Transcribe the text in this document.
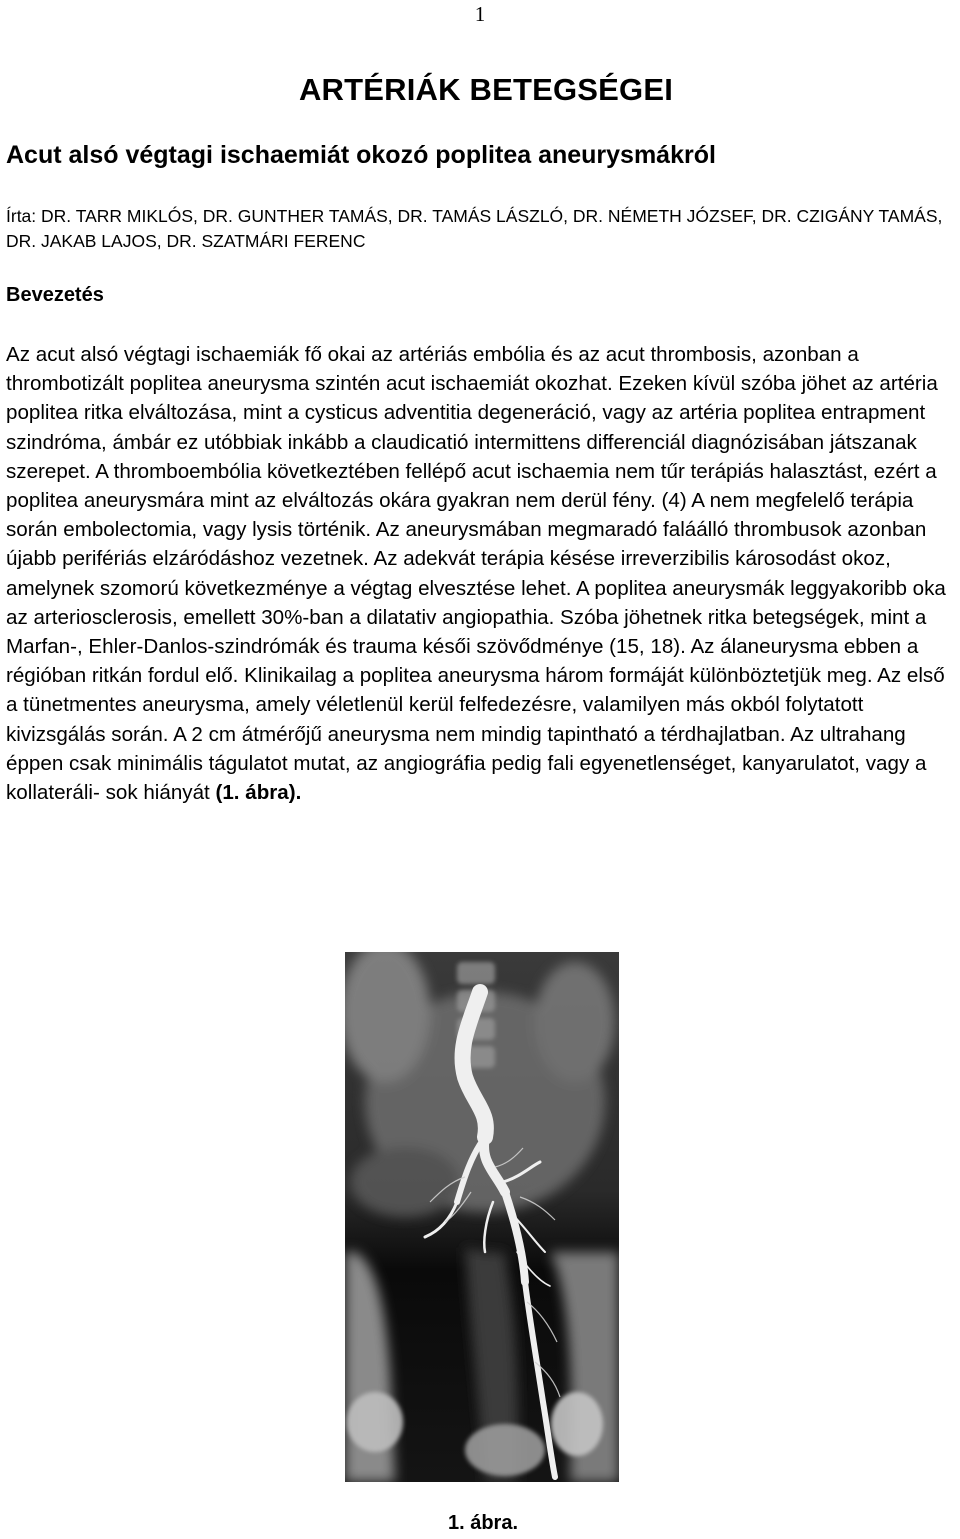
1
ARTÉRIÁK BETEGSÉGEI
Acut alsó végtagi ischaemiát okozó poplitea aneurysmákról
Írta: DR. TARR MIKLÓS, DR. GUNTHER TAMÁS, DR. TAMÁS LÁSZLÓ, DR. NÉMETH JÓZSEF, DR. CZIGÁNY TAMÁS, DR. JAKAB LAJOS, DR. SZATMÁRI FERENC
Bevezetés

Az acut alsó végtagi ischaemiák fő okai az artériás embólia és az acut thrombosis, azonban a thrombotizált poplitea aneurysma szintén acut ischaemiát okozhat. Ezeken kívül szóba jöhet az artéria poplitea ritka elváltozása, mint a cysticus adventitia degeneráció, vagy az artéria poplitea entrapment szindróma, ámbár ez utóbbiak inkább a claudicatió intermittens differenciál diagnózisában játszanak szerepet. A thromboembólia következtében fellépő acut ischaemia nem tűr terápiás halasztást, ezért a poplitea aneurysmára mint az elváltozás okára gyakran nem derül fény. (4) A nem megfelelő terápia során embolectomia, vagy lysis történik. Az aneurysmában megmaradó faláálló thrombusok azonban újabb perifériás elzáródáshoz vezetnek. Az adekvát terápia késése irreverzibilis károsodást okoz, amelynek szomorú következménye a végtag elvesztése lehet. A poplitea aneurysmák leggyakoribb oka az arteriosclerosis, emellett 30%-ban a dilatativ angiopathia. Szóba jöhetnek ritka betegségek, mint a Marfan-, Ehler-Danlos-szindrómák és trauma késői szövődménye (15, 18). Az álaneurysma ebben a régióban ritkán fordul elő. Klinikailag a poplitea aneurysma három formáját különböztetjük meg. Az első a tünetmentes aneurysma, amely véletlenül kerül felfedezésre, valamilyen más okból folytatott kivizsgálás során. A 2 cm átmérőjű aneurysma nem mindig tapintható a térdhajlatban. Az ultrahang éppen csak minimális tágulatot mutat, az angiográfia pedig fali egyenetlenséget, kanyarulatot, vagy a kollateráli- sok hiányát (1. ábra).

1. ábra.
